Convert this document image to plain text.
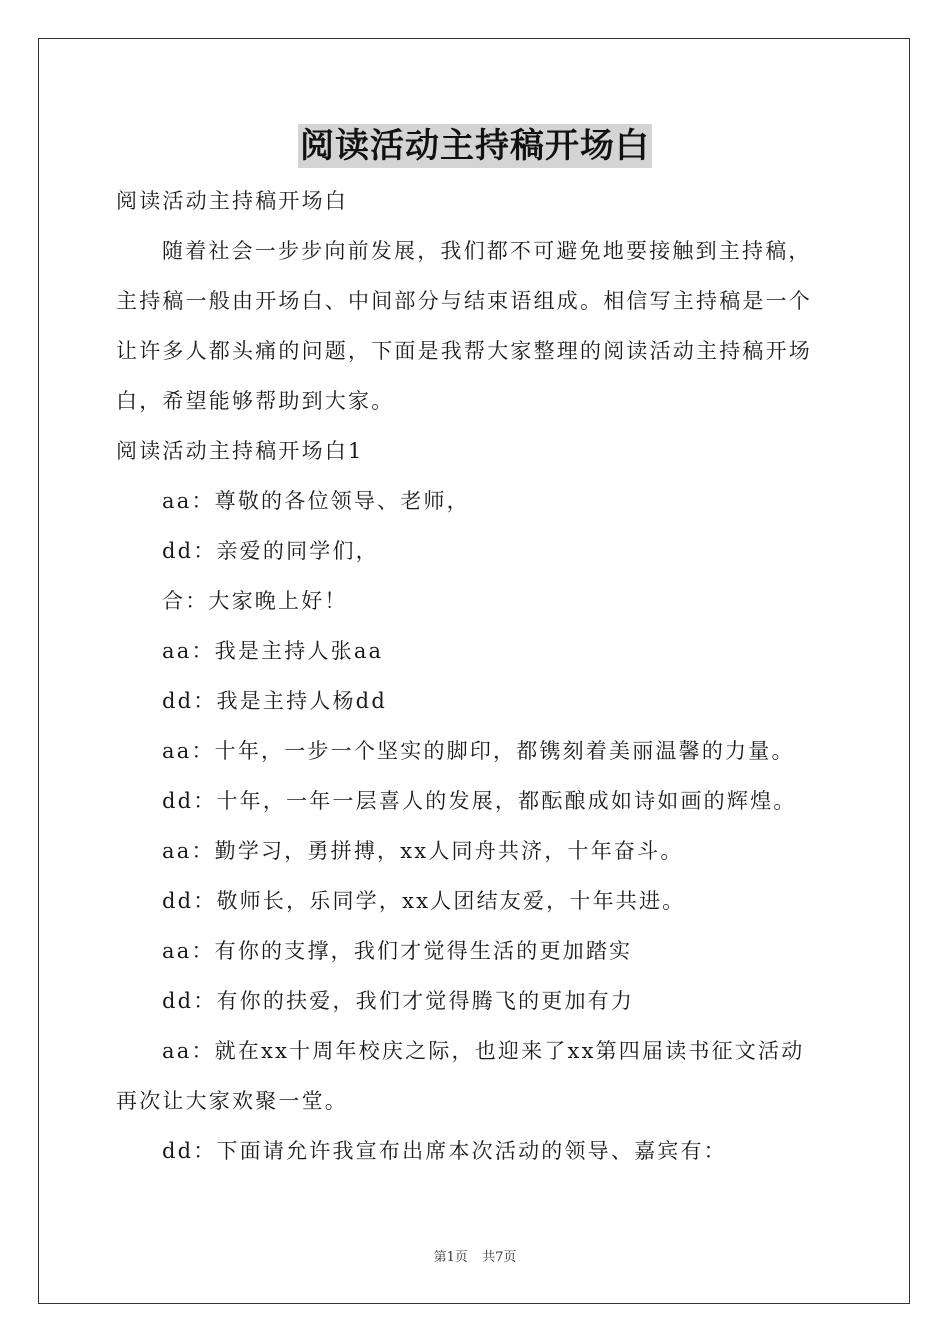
阅读活动主持稿开场白

阅读活动主持稿开场白

随着社会一步步向前发展，我们都不可避免地要接触到主持稿，

主持稿一般由开场白、中间部分与结束语组成。相信写主持稿是一个

让许多人都头痛的问题，下面是我帮大家整理的阅读活动主持稿开场

白，希望能够帮助到大家。

阅读活动主持稿开场白1

aa：尊敬的各位领导、老师，

dd：亲爱的同学们，

合：大家晚上好！

aa：我是主持人张aa

dd：我是主持人杨dd

aa：十年，一步一个坚实的脚印，都镌刻着美丽温馨的力量。

dd：十年，一年一层喜人的发展，都酝酿成如诗如画的辉煌。

aa：勤学习，勇拼搏，xx人同舟共济，十年奋斗。

dd：敬师长，乐同学，xx人团结友爱，十年共进。

aa：有你的支撑，我们才觉得生活的更加踏实

dd：有你的扶爱，我们才觉得腾飞的更加有力

aa：就在xx十周年校庆之际，也迎来了xx第四届读书征文活动

再次让大家欢聚一堂。

dd：下面请允许我宣布出席本次活动的领导、嘉宾有：

第1页 共7页
